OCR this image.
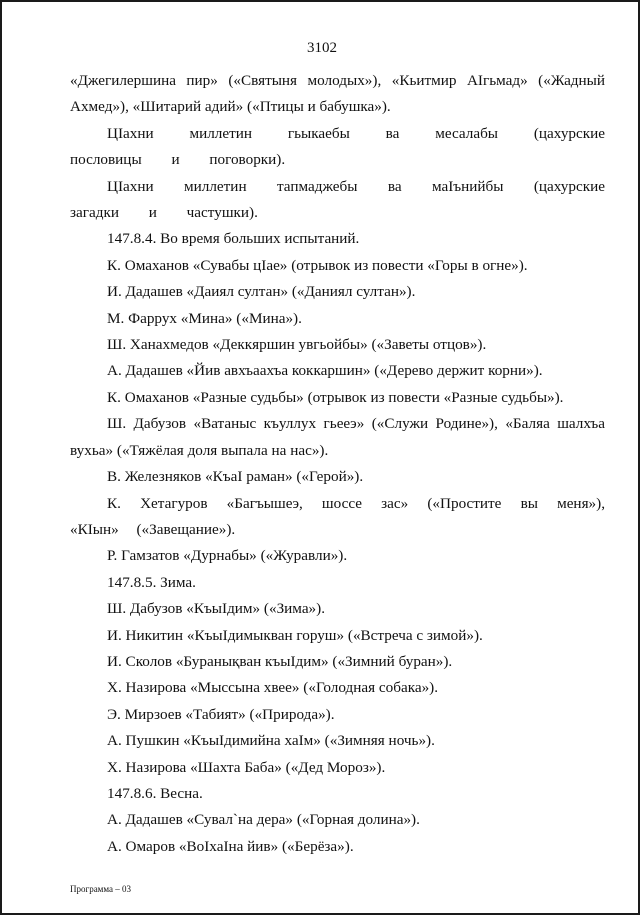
3102

«Джегилершина пир» («Святыня молодых»), «Кьитмир АIгьмад» («Жадный Ахмед»), «Шитарий адий» («Птицы и бабушка»).

ЦIахни миллетин гьыкаебы ва месалабы (цахурские пословицы и поговорки).

ЦIахни миллетин тапмаджебы ва маIънийбы (цахурские загадки и частушки).

147.8.4. Во время больших испытаний.

К. Омаханов «Сувабы цIае» (отрывок из повести «Горы в огне»).

И. Дадашев «Даиял султан» («Даниял султан»).

М. Фаррух «Мина» («Мина»).

Ш. Ханахмедов «Деккяршин увгьойбы» («Заветы отцов»).

А. Дадашев «Йив авхъаахъа коккаршин» («Дерево держит корни»).

К. Омаханов «Разные судьбы» (отрывок из повести «Разные судьбы»).

Ш. Дабузов «Ватаныс къуллух гьееэ» («Служи Родине»), «Баляа шалхъа вухьа» («Тяжёлая доля выпала на нас»).

В. Железняков «КъаI раман» («Герой»).

К. Хетагуров «Багъышеэ, шоссе зас» («Простите вы меня»), «КIын» («Завещание»).

Р. Гамзатов «Дурнабы» («Журавли»).

147.8.5. Зима.

Ш. Дабузов «КъыIдим» («Зима»).

И. Никитин «КъыIдимыкван горуш» («Встреча с зимой»).

И. Сколов «Буранықван къыIдим» («Зимний буран»).

Х. Назирова «Мыссына хвее» («Голодная собака»).

Э. Мирзоев «Табият» («Природа»).

А. Пушкин «КъыIдимийна хаIм» («Зимняя ночь»).

Х. Назирова «Шахта Баба» («Дед Мороз»).

147.8.6. Весна.

А. Дадашев «Сувал`на дера» («Горная долина»).

А. Омаров «ВоIхаIна йив» («Берёза»).

Программа – 03
